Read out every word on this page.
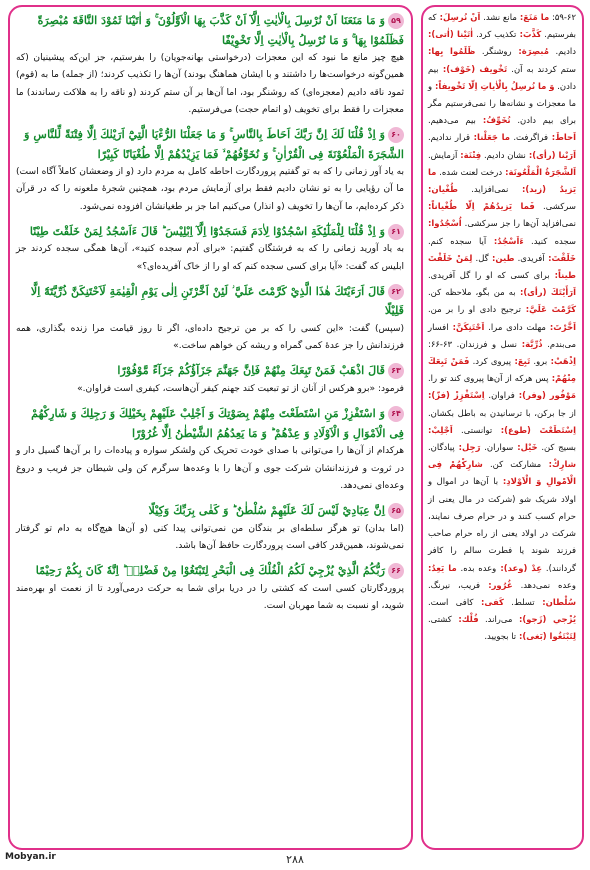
۵۹وَ مَا مَنَعَنَا اَنْ نُرْسِلَ بِالْاٰيٰتِ اِلَّآ اَنْ كَذَّبَ بِهَا الْاَوَّلُوْنَ ۚ وَ اٰتَيْنَا ثَمُوْدَ النَّاقَةَ مُبْصِرَةً فَظَلَمُوْا بِهَا ۚ وَ مَا نُرْسِلُ بِالْاٰيٰتِ اِلَّا تَخْوِيْفًا
هیچ چیز مانع ما نبود که این معجزات (درخواستی بهانه‌جویان) را بفرستیم، جز این‌که پیشینیان (که همین‌گونه درخواست‌ها را داشتند و با ایشان هماهنگ بودند) آن‌ها را تکذیب کردند؛ (از جمله) ما به (قوم) ثمود ناقه دادیم (معجزه‌ای) که روشنگر بود، اما آن‌ها بر آن ستم کردند (و ناقه را به هلاکت رساندند) ما معجزات را فقط برای تخویف (و اتمام حجت) می‌فرستیم.
۶۰وَ اِذْ قُلْنَا لَكَ اِنَّ رَبَّكَ اَحَاطَ بِالنَّاسِ ۚ وَ مَا جَعَلْنَا الرُّءْيَا الَّتِيْٓ اَرَيْنٰكَ اِلَّا فِتْنَةً لِّلنَّاسِ وَ الشَّجَرَةَ الْمَلْعُوْنَةَ فِى الْقُرْاٰنِ ۚ وَ نُخَوِّفُهُمْ ۙ فَمَا يَزِيْدُهُمْ اِلَّا طُغْيَانًا كَبِيْرًا
به یاد آور زمانی را که به تو گفتیم پروردگارت احاطه کامل به مردم دارد (و از وضعشان کاملاً آگاه است) ما آن رؤیایی را به تو نشان دادیم فقط برای آزمایش مردم بود، همچنین شجرهٔ ملعونه را که در قرآن ذکر کرده‌ایم، ما آن‌ها را تخویف (و انذار) می‌کنیم اما جز بر طغیانشان افزوده نمی‌شود.
۶۱وَ اِذْ قُلْنَا لِلْمَلٰٓئِكَةِ اسْجُدُوْا لِاٰدَمَ فَسَجَدُوْٓا اِلَّآ اِبْلِيْسَ ؕ قَالَ ءَاَسْجُدُ لِمَنْ خَلَقْتَ طِيْنًا
به یاد آورید زمانی را که به فرشتگان گفتیم: «برای آدم سجده کنید»، آن‌ها همگی سجده کردند جز ابلیس که گفت: «آیا برای کسی سجده کنم که او را از خاک آفریده‌ای؟»
۶۲قَالَ اَرَءَيْتَكَ هٰذَا الَّذِيْ كَرَّمْتَ عَلَيَّ ؗ لَئِنْ اَخَّرْتَنِ اِلٰى يَوْمِ الْقِيٰمَةِ لَاَحْتَنِكَنَّ ذُرِّيَّتَهٗٓ اِلَّا قَلِيْلًا
(سپس) گفت: «این کسی را که بر من ترجیح داده‌ای، اگر تا روز قیامت مرا زنده بگذاری، همه فرزندانش را جز عدهٔ کمی گمراه و ریشه کن خواهم ساخت.»
۶۳قَالَ اذْهَبْ فَمَنْ تَبِعَكَ مِنْهُمْ فَاِنَّ جَهَنَّمَ جَزَآؤُكُمْ جَزَآءً مَّوْفُوْرًا
فرمود: «برو هرکس از آنان از تو تبعیت کند جهنم کیفر آن‌هاست، کیفری است فراوان.»
۶۴وَ اسْتَفْزِزْ مَنِ اسْتَطَعْتَ مِنْهُمْ بِصَوْتِكَ وَ اَجْلِبْ عَلَيْهِمْ بِخَيْلِكَ وَ رَجِلِكَ وَ شَارِكْهُمْ فِى الْاَمْوَالِ وَ الْاَوْلَادِ وَ عِدْهُمْ ؕ وَ مَا يَعِدُهُمُ الشَّيْطٰنُ اِلَّا غُرُوْرًا
هرکدام از آن‌ها را می‌توانی با صدای خودت تحریک کن ولشکر سواره و پیاده‌ات را بر آن‌ها گسیل دار و در ثروت و فرزندانشان شرکت جوی و آن‌ها را با وعده‌ها سرگرم کن ولی شیطان جز فریب و دروغ وعده‌ای نمی‌دهد.
۶۵اِنَّ عِبَادِيْ لَيْسَ لَكَ عَلَيْهِمْ سُلْطٰنٌ ؕ وَ كَفٰى بِرَبِّكَ وَكِيْلًا
(اما بدان) تو هرگز سلطه‌ای بر بندگان من نمی‌توانی پیدا کنی (و آن‌ها هیچ‌گاه به دام تو گرفتار نمی‌شوند، همین‌قدر کافی است پروردگارت حافظ آن‌ها باشد.
۶۶رَبُّكُمُ الَّذِيْ يُزْجِيْ لَكُمُ الْفُلْكَ فِى الْبَحْرِ لِتَبْتَغُوْا مِنْ فَضْلِهٖ ؕ اِنَّهٗ كَانَ بِكُمْ رَحِيْمًا
پروردگارتان کسی است که کشتی را در دریا برای شما به حرکت درمی‌آورد تا از نعمت او بهره‌مند شوید، او نسبت به شما مهربان است.
۵۹-۶۲: ما مَنَعَ: مانع نشد. اَنْ نُرسِلَ: که بفرستیم. كَذَّبَ: تکذیب کرد. اٰتَيْنا (اٰتی): دادیم. مُبصِرَة: روشنگر. ظَلَمُوا بِها: ستم کردند به آن. تَخْويف (خَوْف): بیم دادن. وَ ما نُرسِلُ بِالْاٰياتِ اِلّا تَخْويفاً: و ما معجزات و نشانه‌ها را نمی‌فرستیم مگر برای بیم دادن. نُخَوِّفُ: بیم می‌دهیم. اَحاطَ: فراگرفت. ما جَعَلْنا: قرار ندادیم. اَرَيْنا (رأی): نشان دادیم. فِتْنَة: آزمایش. اَلشَّجَرَةُ الْمَلْعُونَة: درخت لعنت شده. ما يَزيدُ (زيد): نمی‌افزاید. طُغْيان: سرکشی. فَما يَزيدُهُمْ اِلّا طُغْياناً: نمی‌افزاید آن‌ها را جز سرکشی. اُسْجُدُوا: سجده کنید. ءَاَسْجُدُ: آیا سجده کنم. خَلَقْتَ: آفریدی. طين: گل. لِمَنْ خَلَقْتَ طيناً: برای کسی که او را گل آفریدی. اَرَأَيْتَكَ (رأی): به من بگو، ملاحظه کن. كَرَّمْتَ عَلَيَّ: ترجیح دادی او را بر من. اَخَّرْتَ: مهلت دادی مرا. اَحْتَنِكَنَّ: افسار می‌بندم. ذُرِّيَّة: نسل و فرزندان. ۶۳-۶۶: اِذْهَبْ: برو. تَبِعَ: پیروی کرد. فَمَنْ تَبِعَكَ مِنْهُمْ: پس هرکه از آن‌ها پیروی کند تو را. مَوْفُور (وفر): فراوان. اِسْتَفْزِزْ (فزّ): از جا برکن، با ترسانیدن به باطل بکشان. اِسْتَطَعْتَ (طوع): توانستی. اَجْلِبْ: بسیج کن. خَيْل: سواران. رَجِل: پیادگان. شارِكْ: مشارکت کن. شارِكْهُمْ فِى الْاَمْوالِ وَ الْاَوْلادِ: با آن‌ها در اموال و اولاد شریک شو (شرکت در مال یعنی از حرام کسب کنند و در حرام صرف نمایند، شرکت در اولاد یعنی از راه حرام صاحب فرزند شوند یا فطرت سالم را کافر گردانند). عِدْ (وعد): وعده بده. ما يَعِدُ: وعده نمی‌دهد. غُرُور: فریب، نیرنگ. سُلْطان: تسلط. كَفی: کافی است. يُزْجي (زَجو): می‌راند. فُلْك: کشتی. لِتَبْتَغُوا (بَغی): تا بجویید.
Mobyan.ir	۲۸۸
